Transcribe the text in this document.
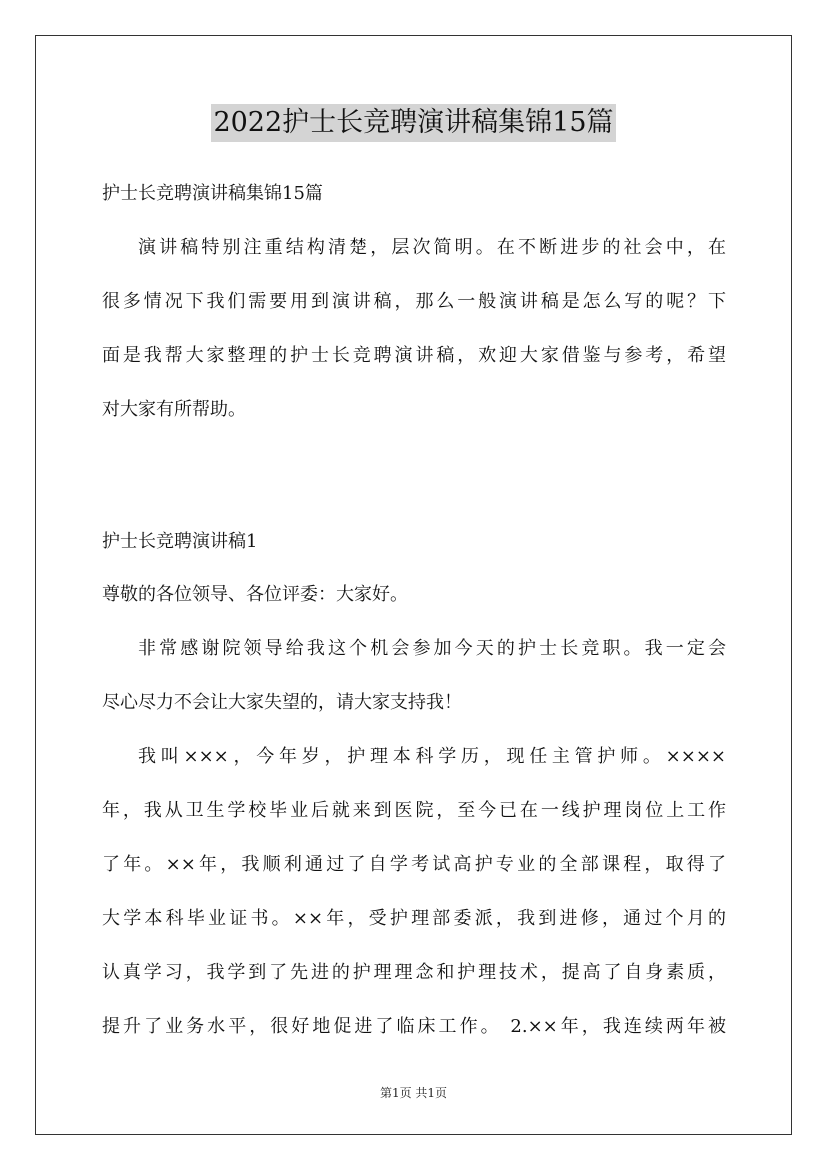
2022护士长竞聘演讲稿集锦15篇
护士长竞聘演讲稿集锦15篇
演讲稿特别注重结构清楚，层次简明。在不断进步的社会中，在
很多情况下我们需要用到演讲稿，那么一般演讲稿是怎么写的呢？下
面是我帮大家整理的护士长竞聘演讲稿，欢迎大家借鉴与参考，希望
对大家有所帮助。
护士长竞聘演讲稿1
尊敬的各位领导、各位评委：大家好。
非常感谢院领导给我这个机会参加今天的护士长竞职。我一定会
尽心尽力不会让大家失望的，请大家支持我！
我叫×××，今年岁，护理本科学历，现任主管护师。××××
年，我从卫生学校毕业后就来到医院，至今已在一线护理岗位上工作
了年。××年，我顺利通过了自学考试高护专业的全部课程，取得了
大学本科毕业证书。××年，受护理部委派，我到进修，通过个月的
认真学习，我学到了先进的护理理念和护理技术，提高了自身素质，
提升了业务水平，很好地促进了临床工作。 2.××年，我连续两年被
第1页 共1页
